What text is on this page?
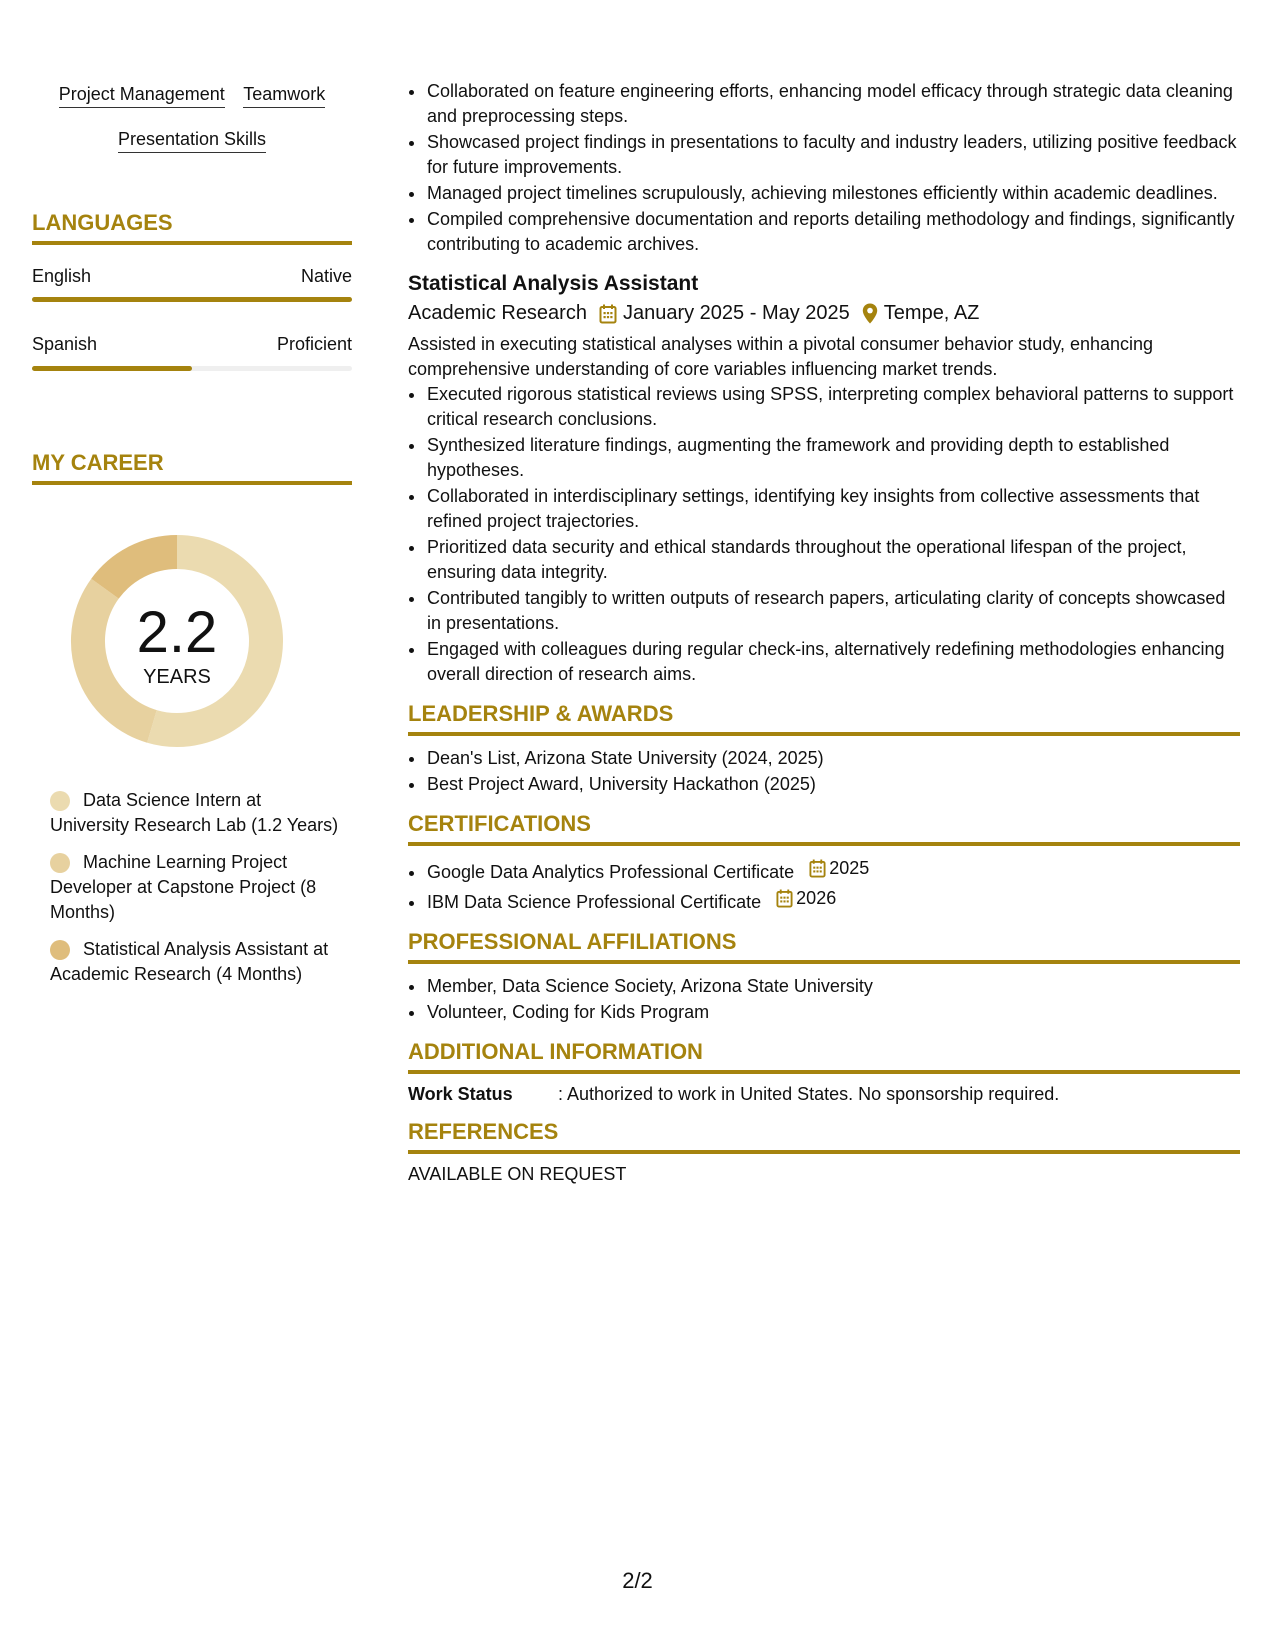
Project Management Teamwork
Presentation Skills
LANGUAGES
English	Native
Spanish	Proficient
MY CAREER
2.2
YEARS
Data Science Intern at University Research Lab (1.2 Years)
Machine Learning Project Developer at Capstone Project (8 Months)
Statistical Analysis Assistant at Academic Research (4 Months)
• Collaborated on feature engineering efforts, enhancing model efficacy through strategic data cleaning and preprocessing steps.
• Showcased project findings in presentations to faculty and industry leaders, utilizing positive feedback for future improvements.
• Managed project timelines scrupulously, achieving milestones efficiently within academic deadlines.
• Compiled comprehensive documentation and reports detailing methodology and findings, significantly contributing to academic archives.
Statistical Analysis Assistant
Academic Research January 2025 - May 2025 Tempe, AZ
Assisted in executing statistical analyses within a pivotal consumer behavior study, enhancing comprehensive understanding of core variables influencing market trends.
• Executed rigorous statistical reviews using SPSS, interpreting complex behavioral patterns to support critical research conclusions.
• Synthesized literature findings, augmenting the framework and providing depth to established hypotheses.
• Collaborated in interdisciplinary settings, identifying key insights from collective assessments that refined project trajectories.
• Prioritized data security and ethical standards throughout the operational lifespan of the project, ensuring data integrity.
• Contributed tangibly to written outputs of research papers, articulating clarity of concepts showcased in presentations.
• Engaged with colleagues during regular check-ins, alternatively redefining methodologies enhancing overall direction of research aims.
LEADERSHIP & AWARDS
• Dean's List, Arizona State University (2024, 2025)
• Best Project Award, University Hackathon (2025)
CERTIFICATIONS
• Google Data Analytics Professional Certificate 2025
• IBM Data Science Professional Certificate 2026
PROFESSIONAL AFFILIATIONS
• Member, Data Science Society, Arizona State University
• Volunteer, Coding for Kids Program
ADDITIONAL INFORMATION
Work Status	: Authorized to work in United States. No sponsorship required.
REFERENCES
AVAILABLE ON REQUEST
2/2
